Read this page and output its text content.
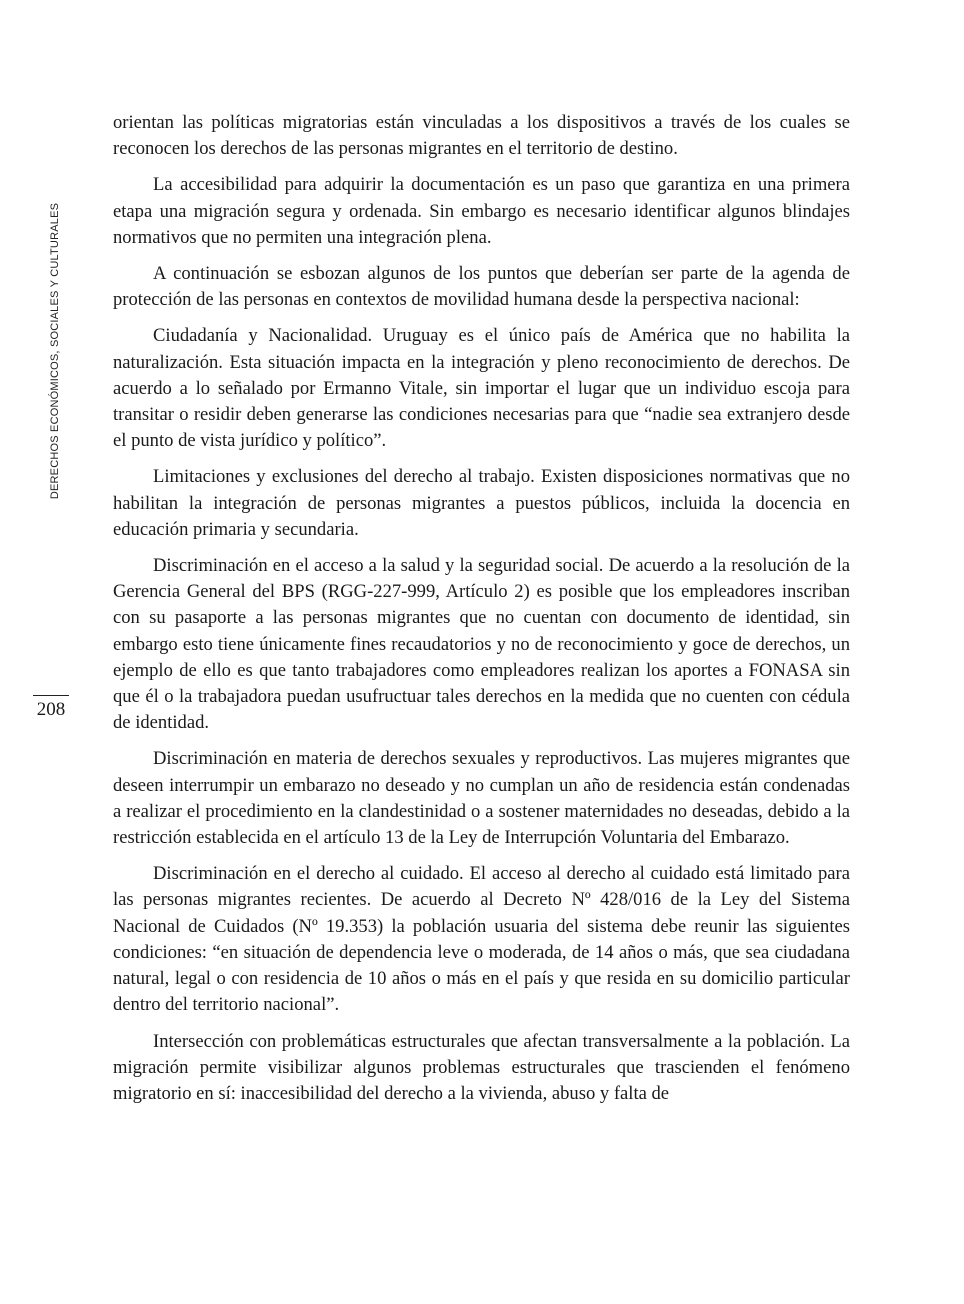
DERECHOS ECONÓMICOS, SOCIALES Y CULTURALES
208

orientan las políticas migratorias están vinculadas a los dispositivos a través de los cuales se reconocen los derechos de las personas migrantes en el territorio de destino.

La accesibilidad para adquirir la documentación es un paso que garantiza en una primera etapa una migración segura y ordenada. Sin embargo es necesario identificar algunos blindajes normativos que no permiten una integración plena.

A continuación se esbozan algunos de los puntos que deberían ser parte de la agenda de protección de las personas en contextos de movilidad humana desde la perspectiva nacional:

Ciudadanía y Nacionalidad. Uruguay es el único país de América que no habilita la naturalización. Esta situación impacta en la integración y pleno reconocimiento de derechos. De acuerdo a lo señalado por Ermanno Vitale, sin importar el lugar que un individuo escoja para transitar o residir deben generarse las condiciones necesarias para que “nadie sea extranjero desde el punto de vista jurídico y político”.

Limitaciones y exclusiones del derecho al trabajo. Existen disposiciones normativas que no habilitan la integración de personas migrantes a puestos públicos, incluida la docencia en educación primaria y secundaria.

Discriminación en el acceso a la salud y la seguridad social. De acuerdo a la resolución de la Gerencia General del BPS (RGG-227-999, Artículo 2) es posible que los empleadores inscriban con su pasaporte a las personas migrantes que no cuentan con documento de identidad, sin embargo esto tiene únicamente fines recaudatorios y no de reconocimiento y goce de derechos, un ejemplo de ello es que tanto trabajadores como empleadores realizan los aportes a FONASA sin que él o la trabajadora puedan usufructuar tales derechos en la medida que no cuenten con cédula de identidad.

Discriminación en materia de derechos sexuales y reproductivos. Las mujeres migrantes que deseen interrumpir un embarazo no deseado y no cumplan un año de residencia están condenadas a realizar el procedimiento en la clandestinidad o a sostener maternidades no deseadas, debido a la restricción establecida en el artículo 13 de la Ley de Interrupción Voluntaria del Embarazo.

Discriminación en el derecho al cuidado. El acceso al derecho al cuidado está limitado para las personas migrantes recientes. De acuerdo al Decreto Nº 428/016 de la Ley del Sistema Nacional de Cuidados (Nº 19.353) la población usuaria del sistema debe reunir las siguientes condiciones: “en situación de dependencia leve o moderada, de 14 años o más, que sea ciudadana natural, legal o con residencia de 10 años o más en el país y que resida en su domicilio particular dentro del territorio nacional”.

Intersección con problemáticas estructurales que afectan transversalmente a la población. La migración permite visibilizar algunos problemas estructurales que trascienden el fenómeno migratorio en sí: inaccesibilidad del derecho a la vivienda, abuso y falta de
